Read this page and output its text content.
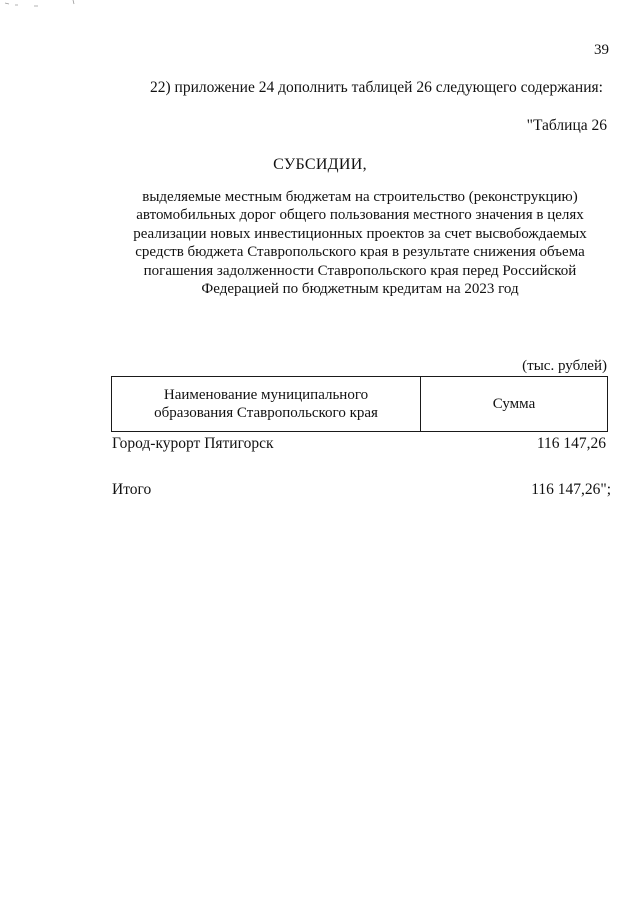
39
22) приложение 24 дополнить таблицей 26 следующего содержания:
"Таблица 26
СУБСИДИИ,
выделяемые местным бюджетам на строительство (реконструкцию)
автомобильных дорог общего пользования местного значения в целях
реализации новых инвестиционных проектов за счет высвобождаемых
средств бюджета Ставропольского края в результате снижения объема
погашения задолженности Ставропольского края перед Российской
Федерацией по бюджетным кредитам на 2023 год
(тыс. рублей)
Наименование муниципального
образования Ставропольского края
Сумма
Город-курорт Пятигорск	116 147,26
Итого	116 147,26";
